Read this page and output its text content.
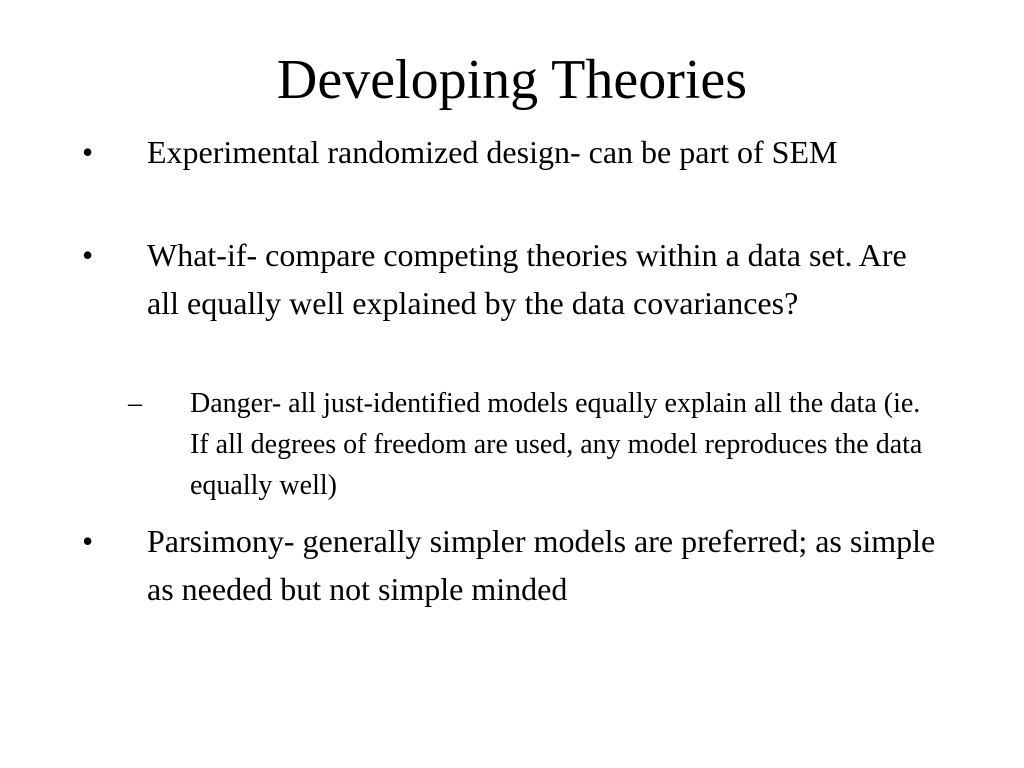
Developing Theories
• Experimental randomized design- can be part of SEM

• What-if- compare competing theories within a data set. Are all equally well explained by the data covariances?

– Danger- all just-identified models equally explain all the data (ie. If all degrees of freedom are used, any model reproduces the data equally well)

• Parsimony- generally simpler models are preferred; as simple as needed but not simple minded
